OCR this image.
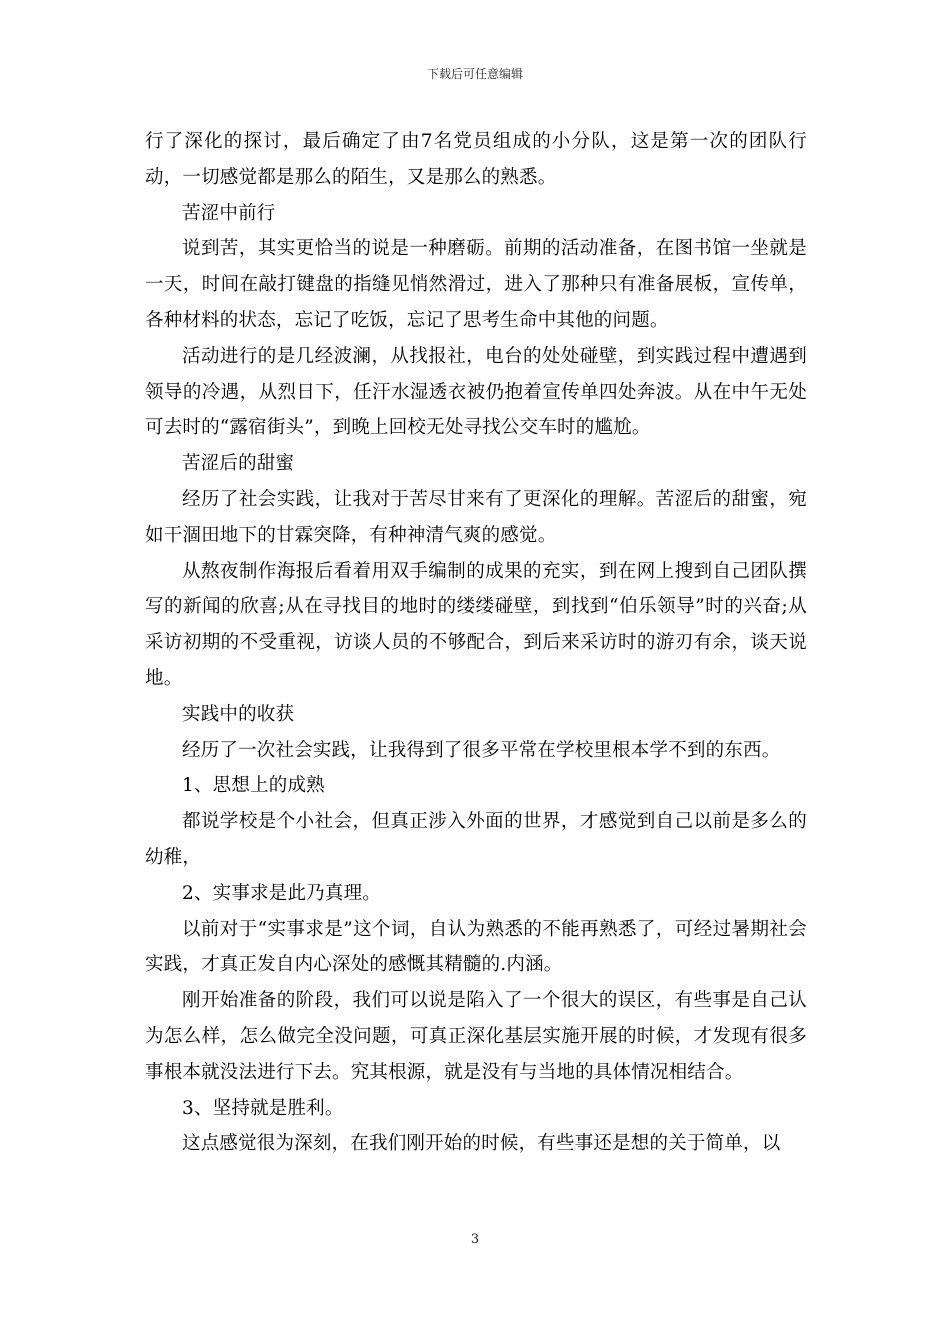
下载后可任意编辑

行了深化的探讨，最后确定了由7名党员组成的小分队，这是第一次的团队行动，一切感觉都是那么的陌生，又是那么的熟悉。

苦涩中前行

说到苦，其实更恰当的说是一种磨砺。前期的活动准备，在图书馆一坐就是一天，时间在敲打键盘的指缝见悄然滑过，进入了那种只有准备展板，宣传单，各种材料的状态，忘记了吃饭，忘记了思考生命中其他的问题。

活动进行的是几经波澜，从找报社，电台的处处碰壁，到实践过程中遭遇到领导的冷遇，从烈日下，任汗水湿透衣被仍抱着宣传单四处奔波。从在中午无处可去时的“露宿街头”，到晚上回校无处寻找公交车时的尴尬。

苦涩后的甜蜜

经历了社会实践，让我对于苦尽甘来有了更深化的理解。苦涩后的甜蜜，宛如干涸田地下的甘霖突降，有种神清气爽的感觉。

从熬夜制作海报后看着用双手编制的成果的充实，到在网上搜到自己团队撰写的新闻的欣喜;从在寻找目的地时的缕缕碰壁，到找到“伯乐领导”时的兴奋;从采访初期的不受重视，访谈人员的不够配合，到后来采访时的游刃有余，谈天说地。

实践中的收获

经历了一次社会实践，让我得到了很多平常在学校里根本学不到的东西。

1、思想上的成熟

都说学校是个小社会，但真正涉入外面的世界，才感觉到自己以前是多么的幼稚，

2、实事求是此乃真理。

以前对于“实事求是”这个词，自认为熟悉的不能再熟悉了，可经过暑期社会实践，才真正发自内心深处的感慨其精髓的.内涵。

刚开始准备的阶段，我们可以说是陷入了一个很大的误区，有些事是自己认为怎么样，怎么做完全没问题，可真正深化基层实施开展的时候，才发现有很多事根本就没法进行下去。究其根源，就是没有与当地的具体情况相结合。

3、坚持就是胜利。

这点感觉很为深刻，在我们刚开始的时候，有些事还是想的关于简单，以

3
